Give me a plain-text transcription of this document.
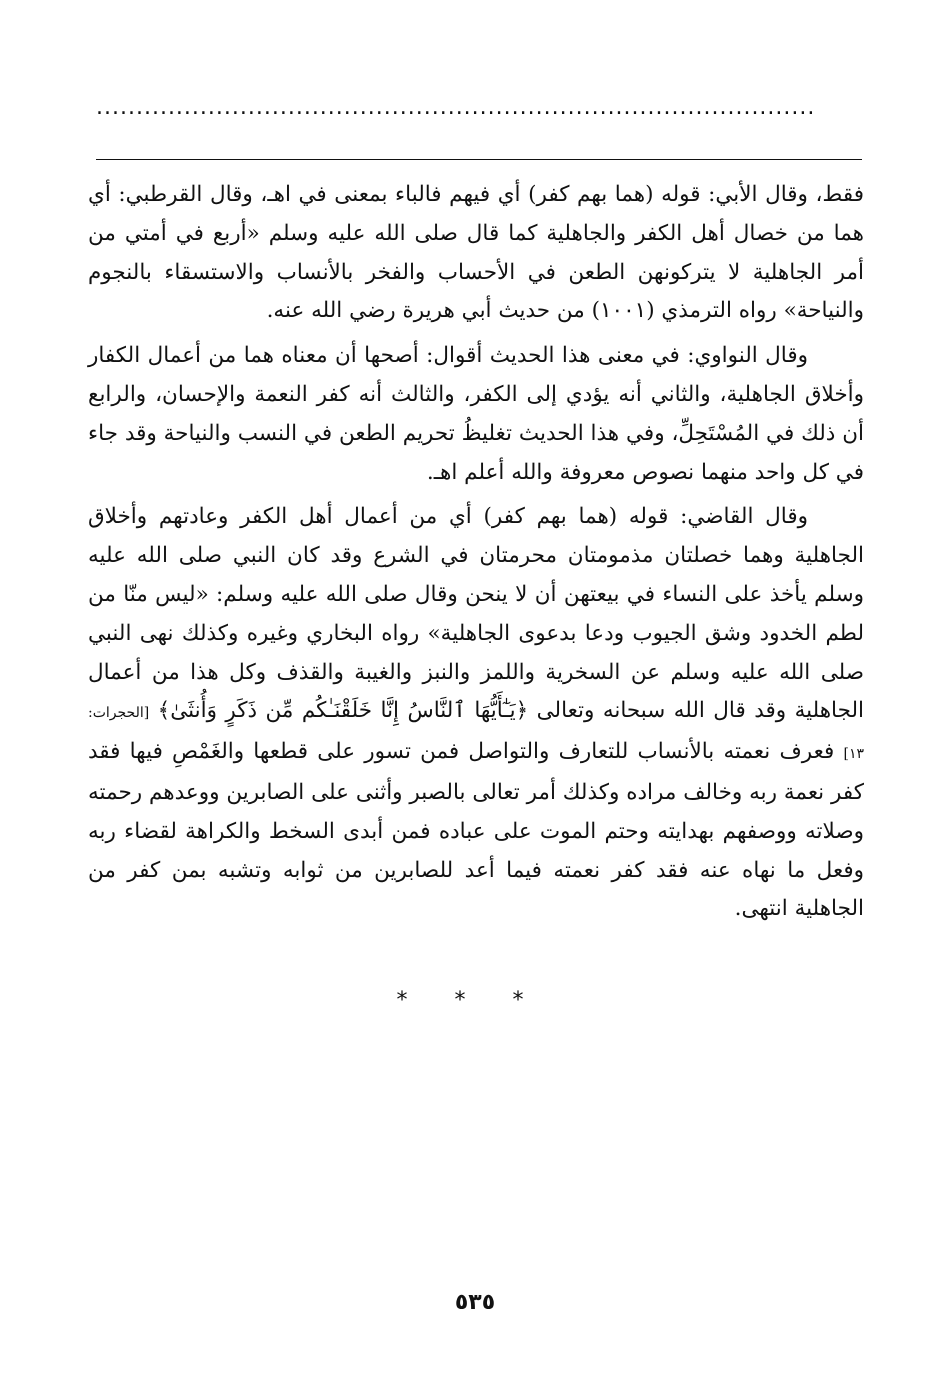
..........................................................................................

فقط، وقال الأبي: قوله (هما بهم كفر) أي فيهم فالباء بمعنى في اهـ، وقال القرطبي: أي هما من خصال أهل الكفر والجاهلية كما قال صلى الله عليه وسلم «أربع في أمتي من أمر الجاهلية لا يتركونهن الطعن في الأحساب والفخر بالأنساب والاستسقاء بالنجوم والنياحة» رواه الترمذي (١٠٠١) من حديث أبي هريرة رضي الله عنه.

وقال النواوي: في معنى هذا الحديث أقوال: أصحها أن معناه هما من أعمال الكفار وأخلاق الجاهلية، والثاني أنه يؤدي إلى الكفر، والثالث أنه كفر النعمة والإحسان، والرابع أن ذلك في المُسْتَحِلِّ، وفي هذا الحديث تغليظُ تحريم الطعن في النسب والنياحة وقد جاء في كل واحد منهما نصوص معروفة والله أعلم اهـ.

وقال القاضي: قوله (هما بهم كفر) أي من أعمال أهل الكفر وعادتهم وأخلاق الجاهلية وهما خصلتان مذمومتان محرمتان في الشرع وقد كان النبي صلى الله عليه وسلم يأخذ على النساء في بيعتهن أن لا ينحن وقال صلى الله عليه وسلم: «ليس منّا من لطم الخدود وشق الجيوب ودعا بدعوى الجاهلية» رواه البخاري وغيره وكذلك نهى النبي صلى الله عليه وسلم عن السخرية واللمز والنبز والغيبة والقذف وكل هذا من أعمال الجاهلية وقد قال الله سبحانه وتعالى ﴿يَـٰٓأَيُّهَا ٱلنَّاسُ إِنَّا خَلَقْنَـٰكُم مِّن ذَكَرٍ وَأُنثَىٰ﴾ [الحجرات: ١٣] فعرف نعمته بالأنساب للتعارف والتواصل فمن تسور على قطعها والغَمْصِ فيها فقد كفر نعمة ربه وخالف مراده وكذلك أمر تعالى بالصبر وأثنى على الصابرين ووعدهم رحمته وصلاته ووصفهم بهدايته وحتم الموت على عباده فمن أبدى السخط والكراهة لقضاء ربه وفعل ما نهاه عنه فقد كفر نعمته فيما أعد للصابرين من ثوابه وتشبه بمن كفر من الجاهلية انتهى.

* * *
٥٣٥
